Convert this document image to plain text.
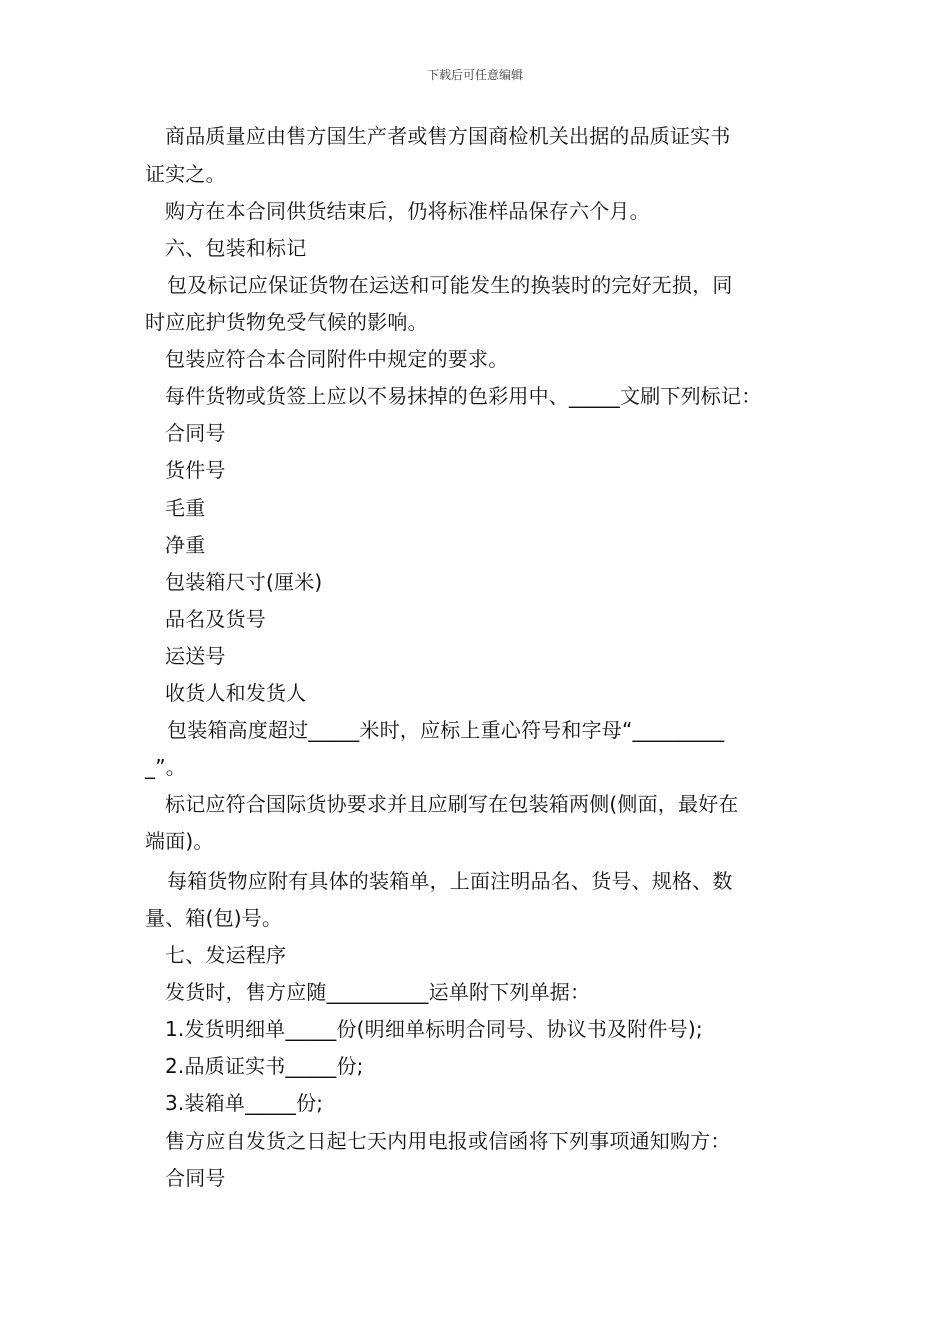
下载后可任意编辑
商品质量应由售方国生产者或售方国商检机关出据的品质证实书
证实之。
购方在本合同供货结束后，仍将标准样品保存六个月。
六、包装和标记
包及标记应保证货物在运送和可能发生的换装时的完好无损，同
时应庇护货物免受气候的影响。
包装应符合本合同附件中规定的要求。
每件货物或货签上应以不易抹掉的色彩用中、_____文刷下列标记：
合同号
货件号
毛重
净重
包装箱尺寸(厘米)
品名及货号
运送号
收货人和发货人
包装箱高度超过_____米时，应标上重心符号和字母“_________
_”。
标记应符合国际货协要求并且应刷写在包装箱两侧(侧面，最好在
端面)。
每箱货物应附有具体的装箱单，上面注明品名、货号、规格、数
量、箱(包)号。
七、发运程序
发货时，售方应随__________运单附下列单据：
1.发货明细单_____份(明细单标明合同号、协议书及附件号);
2.品质证实书_____份;
3.装箱单_____份;
售方应自发货之日起七天内用电报或信函将下列事项通知购方：
合同号
